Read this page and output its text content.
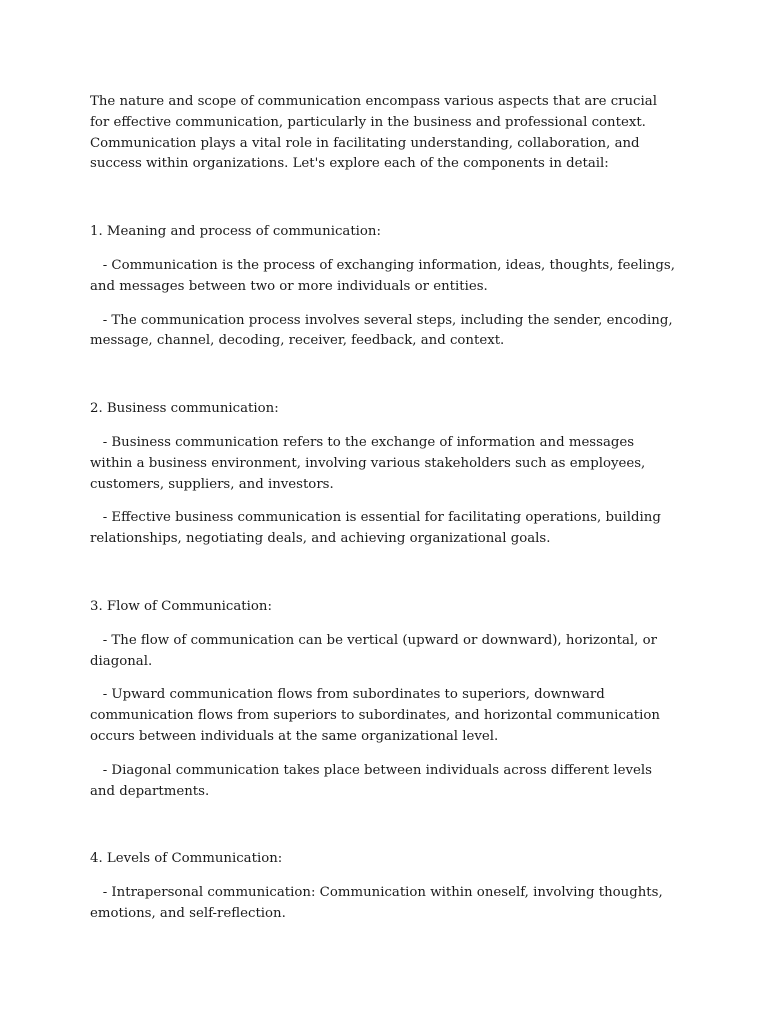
The nature and scope of communication encompass various aspects that are crucial for effective communication, particularly in the business and professional context. Communication plays a vital role in facilitating understanding, collaboration, and success within organizations. Let's explore each of the components in detail:

1. Meaning and process of communication:

- Communication is the process of exchanging information, ideas, thoughts, feelings, and messages between two or more individuals or entities.

- The communication process involves several steps, including the sender, encoding, message, channel, decoding, receiver, feedback, and context.

2. Business communication:

- Business communication refers to the exchange of information and messages within a business environment, involving various stakeholders such as employees, customers, suppliers, and investors.

- Effective business communication is essential for facilitating operations, building relationships, negotiating deals, and achieving organizational goals.

3. Flow of Communication:

- The flow of communication can be vertical (upward or downward), horizontal, or diagonal.

- Upward communication flows from subordinates to superiors, downward communication flows from superiors to subordinates, and horizontal communication occurs between individuals at the same organizational level.

- Diagonal communication takes place between individuals across different levels and departments.

4. Levels of Communication:

- Intrapersonal communication: Communication within oneself, involving thoughts, emotions, and self-reflection.
